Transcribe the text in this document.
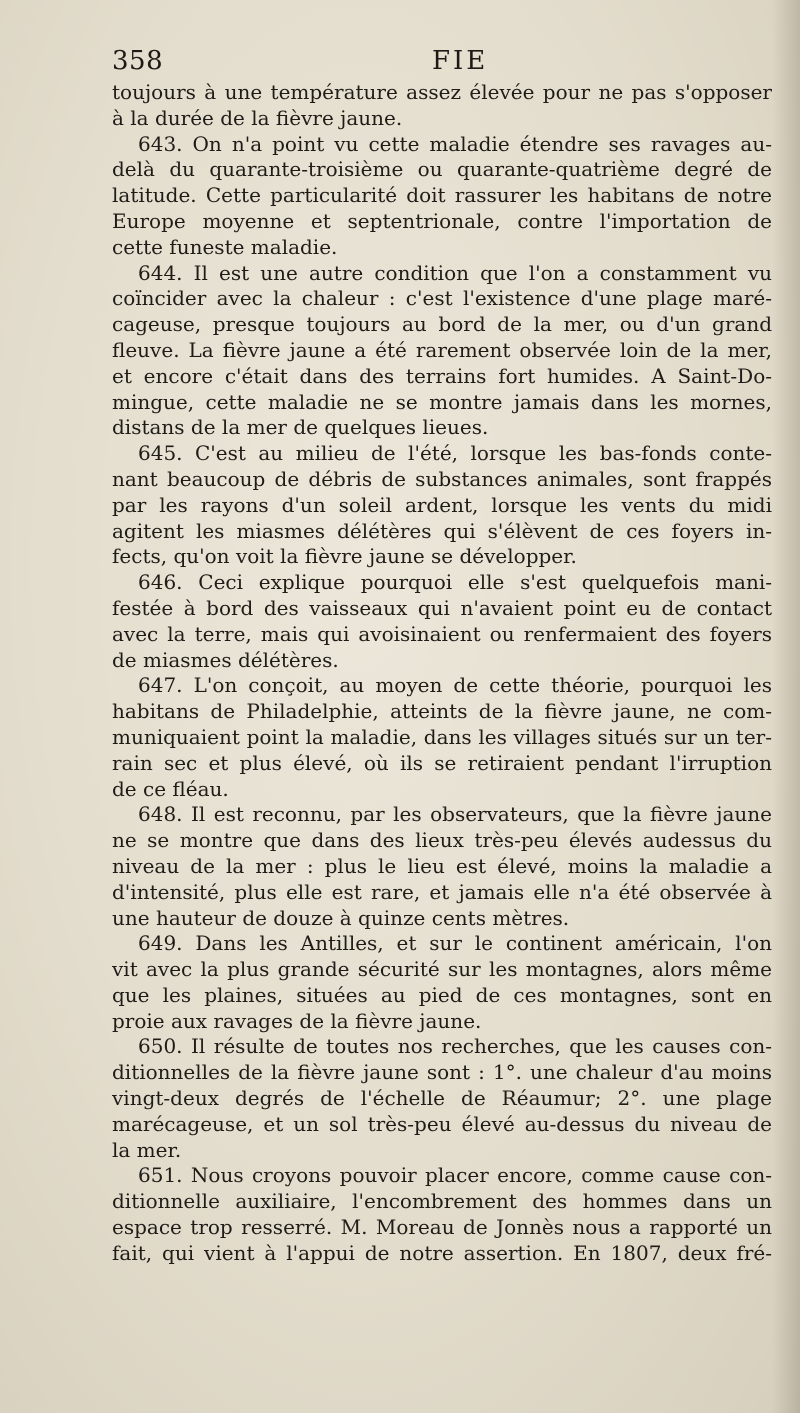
358	FIE
toujours à une température assez élevée pour ne pas s'opposer
à la durée de la fièvre jaune.
643. On n'a point vu cette maladie étendre ses ravages au-
delà du quarante-troisième ou quarante-quatrième degré de
latitude. Cette particularité doit rassurer les habitans de notre
Europe moyenne et septentrionale, contre l'importation de
cette funeste maladie.
644. Il est une autre condition que l'on a constamment vu
coïncider avec la chaleur : c'est l'existence d'une plage maré-
cageuse, presque toujours au bord de la mer, ou d'un grand
fleuve. La fièvre jaune a été rarement observée loin de la mer,
et encore c'était dans des terrains fort humides. A Saint-Do-
mingue, cette maladie ne se montre jamais dans les mornes,
distans de la mer de quelques lieues.
645. C'est au milieu de l'été, lorsque les bas-fonds conte-
nant beaucoup de débris de substances animales, sont frappés
par les rayons d'un soleil ardent, lorsque les vents du midi
agitent les miasmes délétères qui s'élèvent de ces foyers in-
fects, qu'on voit la fièvre jaune se développer.
646. Ceci explique pourquoi elle s'est quelquefois mani-
festée à bord des vaisseaux qui n'avaient point eu de contact
avec la terre, mais qui avoisinaient ou renfermaient des foyers
de miasmes délétères.
647. L'on conçoit, au moyen de cette théorie, pourquoi les
habitans de Philadelphie, atteints de la fièvre jaune, ne com-
muniquaient point la maladie, dans les villages situés sur un ter-
rain sec et plus élevé, où ils se retiraient pendant l'irruption
de ce fléau.
648. Il est reconnu, par les observateurs, que la fièvre jaune
ne se montre que dans des lieux très-peu élevés audessus du
niveau de la mer : plus le lieu est élevé, moins la maladie a
d'intensité, plus elle est rare, et jamais elle n'a été observée à
une hauteur de douze à quinze cents mètres.
649. Dans les Antilles, et sur le continent américain, l'on
vit avec la plus grande sécurité sur les montagnes, alors même
que les plaines, situées au pied de ces montagnes, sont en
proie aux ravages de la fièvre jaune.
650. Il résulte de toutes nos recherches, que les causes con-
ditionnelles de la fièvre jaune sont : 1°. une chaleur d'au moins
vingt-deux degrés de l'échelle de Réaumur; 2°. une plage
marécageuse, et un sol très-peu élevé au-dessus du niveau de
la mer.
651. Nous croyons pouvoir placer encore, comme cause con-
ditionnelle auxiliaire, l'encombrement des hommes dans un
espace trop resserré. M. Moreau de Jonnès nous a rapporté un
fait, qui vient à l'appui de notre assertion. En 1807, deux fré-
